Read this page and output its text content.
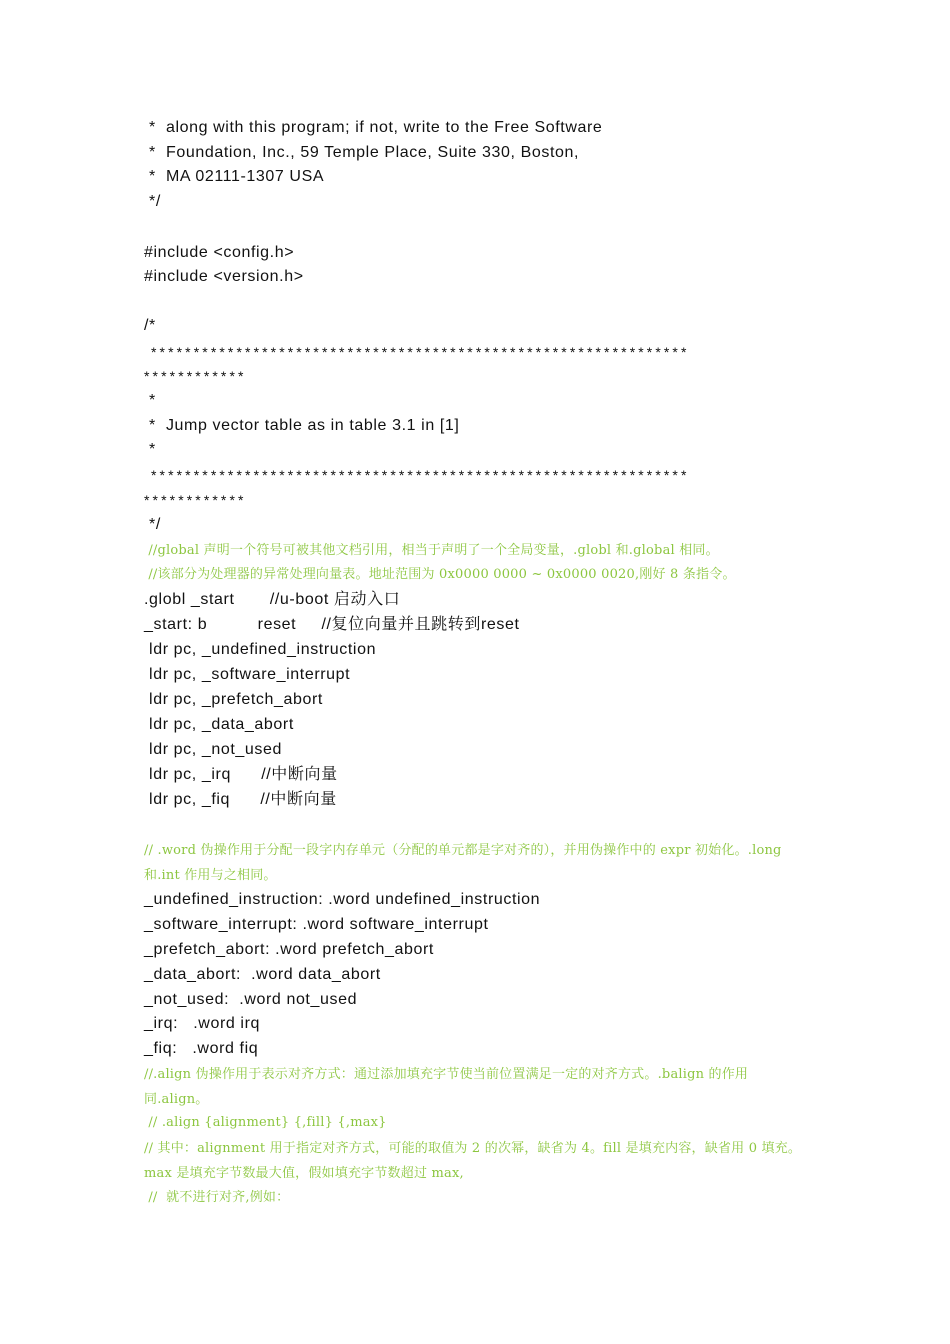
*  along with this program; if not, write to the Free Software
*  Foundation, Inc., 59 Temple Place, Suite 330, Boston,
*  MA 02111-1307 USA
*/
#include <config.h>
#include <version.h>
/*
***************************************************************
************
*
*  Jump vector table as in table 3.1 in [1]
*
***************************************************************
************
*/
//global 声明一个符号可被其他文档引用，相当于声明了一个全局变量，.globl 和.global 相同。
//该部分为处理器的异常处理向量表。地址范围为 0x0000 0000 ~ 0x0000 0020,刚好 8 条指令。
.globl _start       //u-boot 启动入口
_start: b          reset     //复位向量并且跳转到reset
ldr pc, _undefined_instruction
ldr pc, _software_interrupt
ldr pc, _prefetch_abort
ldr pc, _data_abort
ldr pc, _not_used
ldr pc, _irq      //中断向量
ldr pc, _fiq      //中断向量
// .word 伪操作用于分配一段字内存单元（分配的单元都是字对齐的），并用伪操作中的 expr 初始化。.long 和.int 作用与之相同。
_undefined_instruction: .word undefined_instruction
_software_interrupt: .word software_interrupt
_prefetch_abort: .word prefetch_abort
_data_abort:  .word data_abort
_not_used:  .word not_used
_irq:   .word irq
_fiq:   .word fiq
//.align 伪操作用于表示对齐方式：通过添加填充字节使当前位置满足一定的对齐方式。.balign 的作用同.align。
// .align {alignment} {,fill} {,max}
// 其中：alignment 用于指定对齐方式，可能的取值为 2 的次幂，缺省为 4。fill 是填充内容，缺省用 0 填充。max 是填充字节数最大值，假如填充字节数超过 max,
//  就不进行对齐,例如：
